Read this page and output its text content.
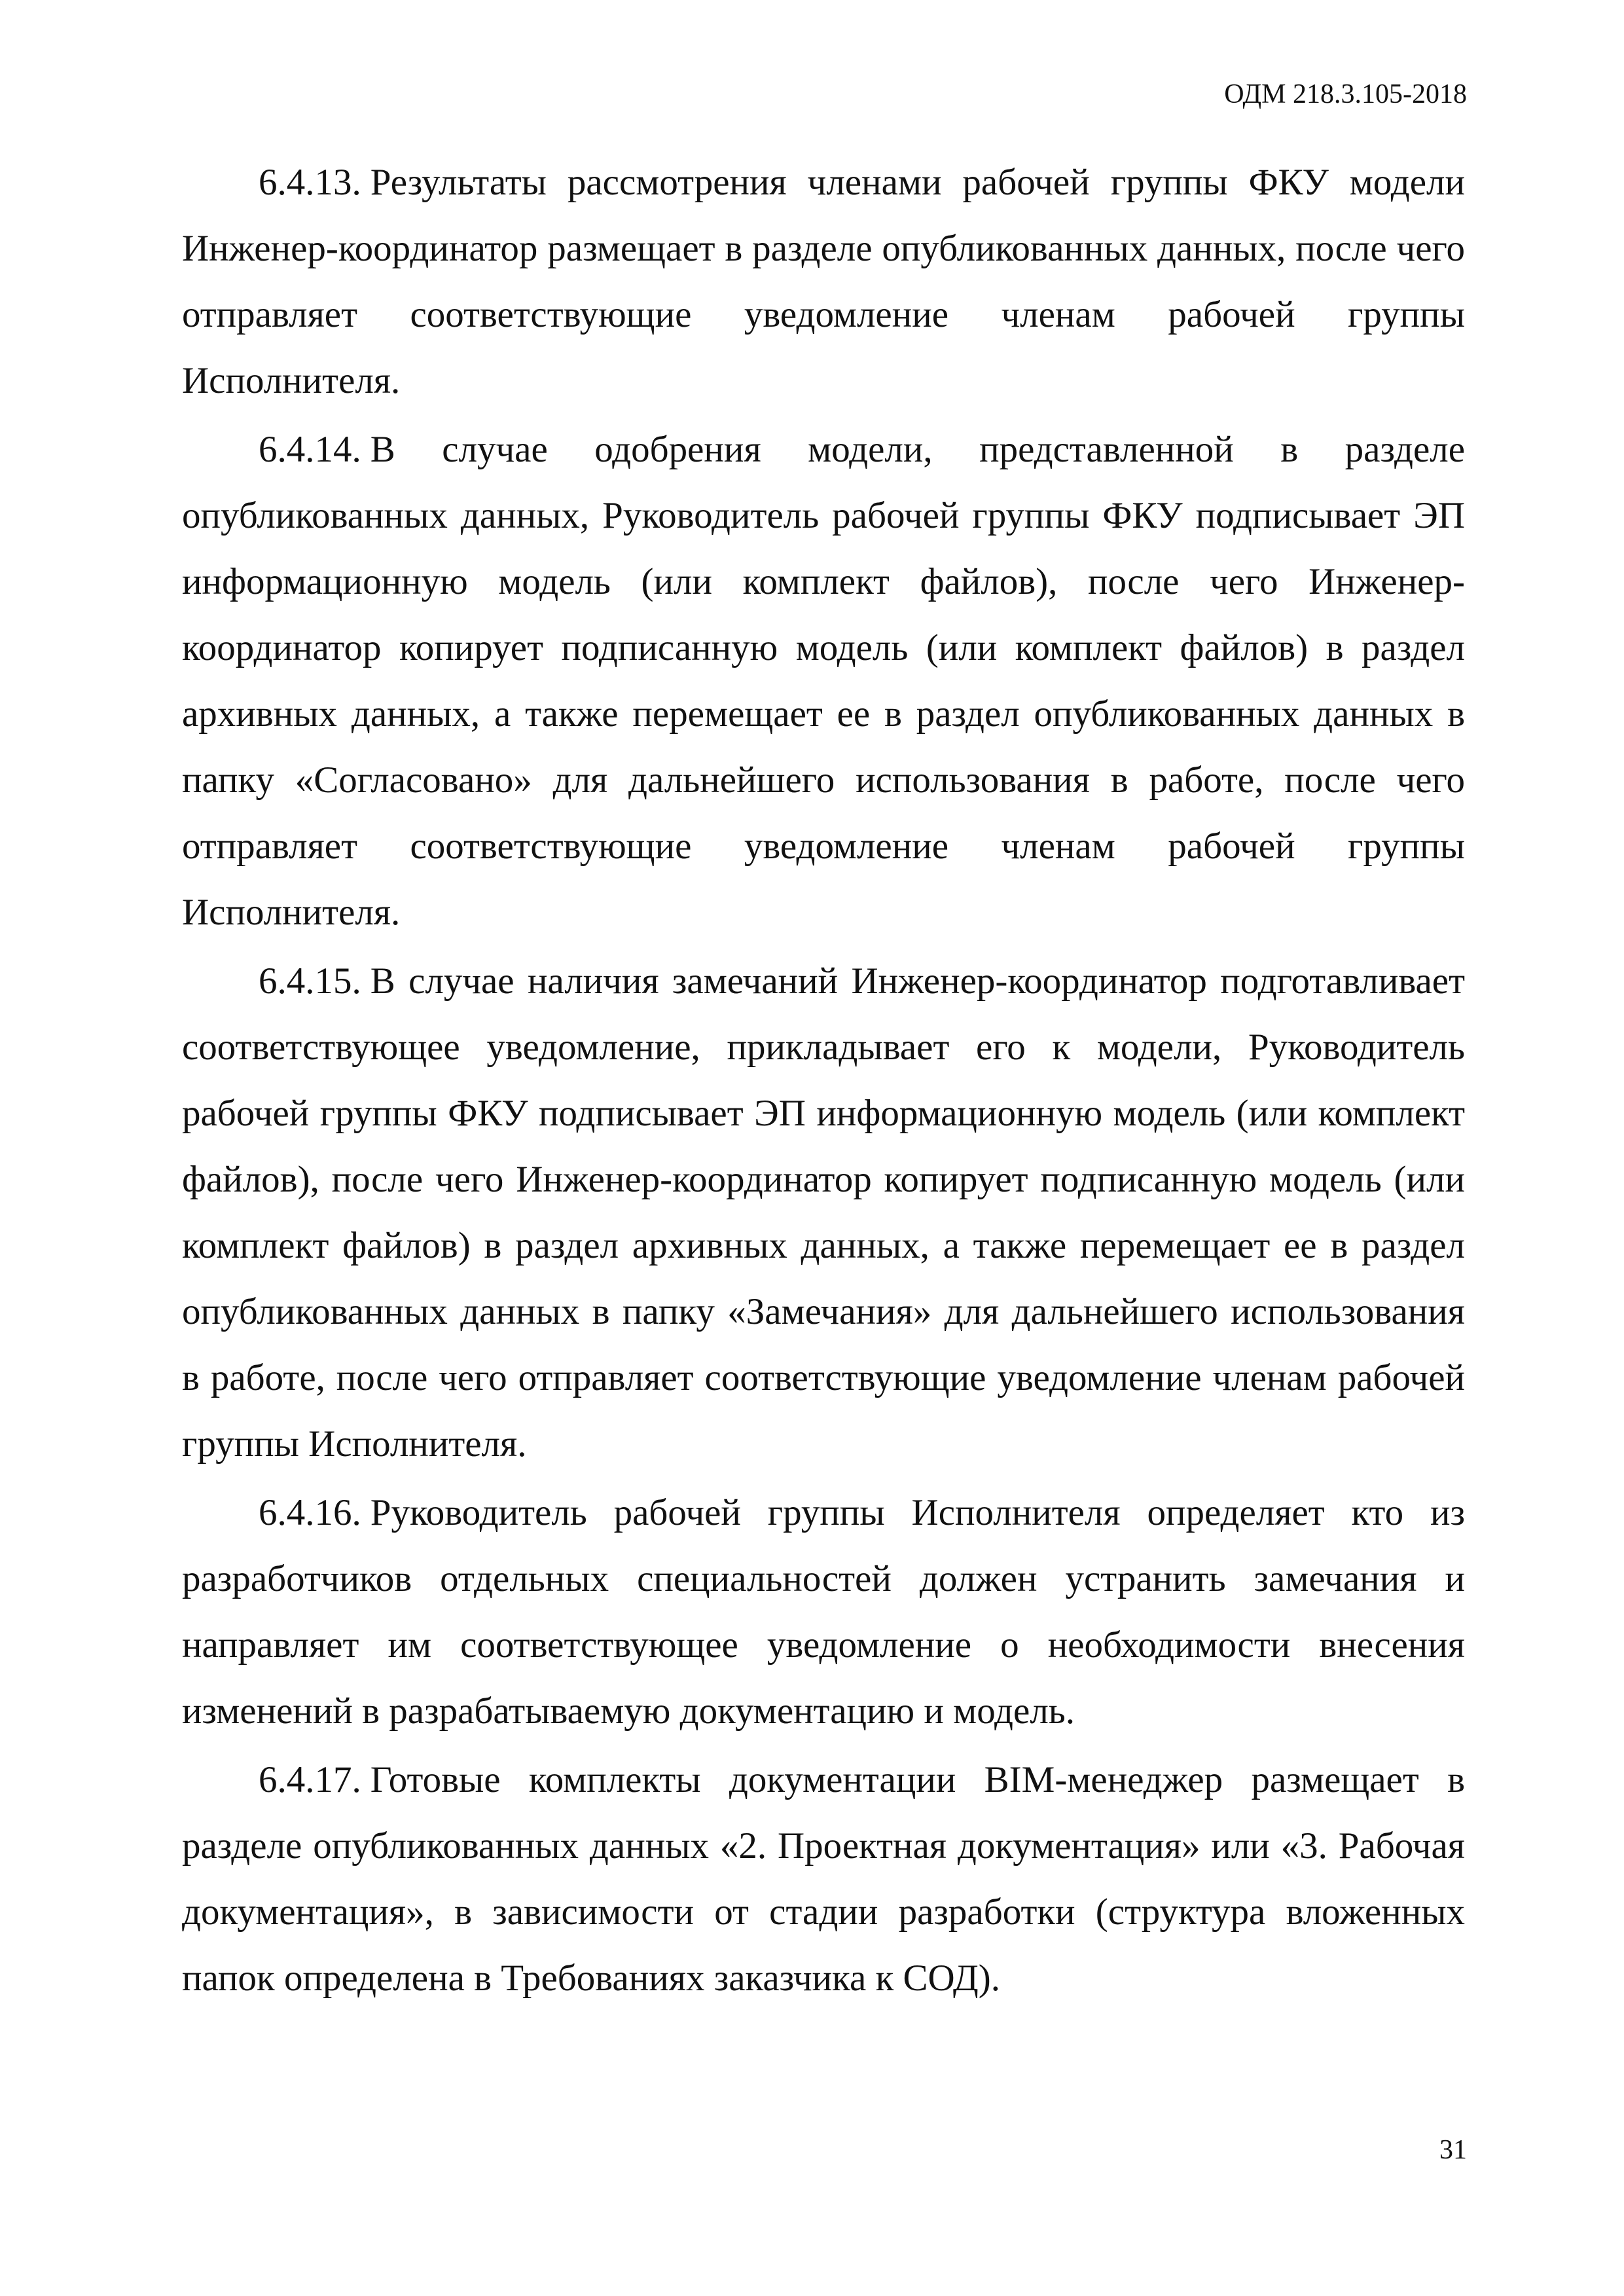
ОДМ 218.3.105-2018

6.4.13. Результаты рассмотрения членами рабочей группы ФКУ модели Инженер-координатор размещает в разделе опубликованных данных, после чего отправляет соответствующие уведомление членам рабочей группы Исполнителя.

6.4.14. В случае одобрения модели, представленной в разделе опубликованных данных, Руководитель рабочей группы ФКУ подписывает ЭП информационную модель (или комплект файлов), после чего Инженер-координатор копирует подписанную модель (или комплект файлов) в раздел архивных данных, а также перемещает ее в раздел опубликованных данных в папку «Согласовано» для дальнейшего использования в работе, после чего отправляет соответствующие уведомление членам рабочей группы Исполнителя.

6.4.15. В случае наличия замечаний Инженер-координатор подготавливает соответствующее уведомление, прикладывает его к модели, Руководитель рабочей группы ФКУ подписывает ЭП информационную модель (или комплект файлов), после чего Инженер-координатор копирует подписанную модель (или комплект файлов) в раздел архивных данных, а также перемещает ее в раздел опубликованных данных в папку «Замечания» для дальнейшего использования в работе, после чего отправляет соответствующие уведомление членам рабочей группы Исполнителя.

6.4.16. Руководитель рабочей группы Исполнителя определяет кто из разработчиков отдельных специальностей должен устранить замечания и направляет им соответствующее уведомление о необходимости внесения изменений в разрабатываемую документацию и модель.

6.4.17. Готовые комплекты документации BIM-менеджер размещает в разделе опубликованных данных «2. Проектная документация» или «3. Рабочая документация», в зависимости от стадии разработки (структура вложенных папок определена в Требованиях заказчика к СОД).

31
